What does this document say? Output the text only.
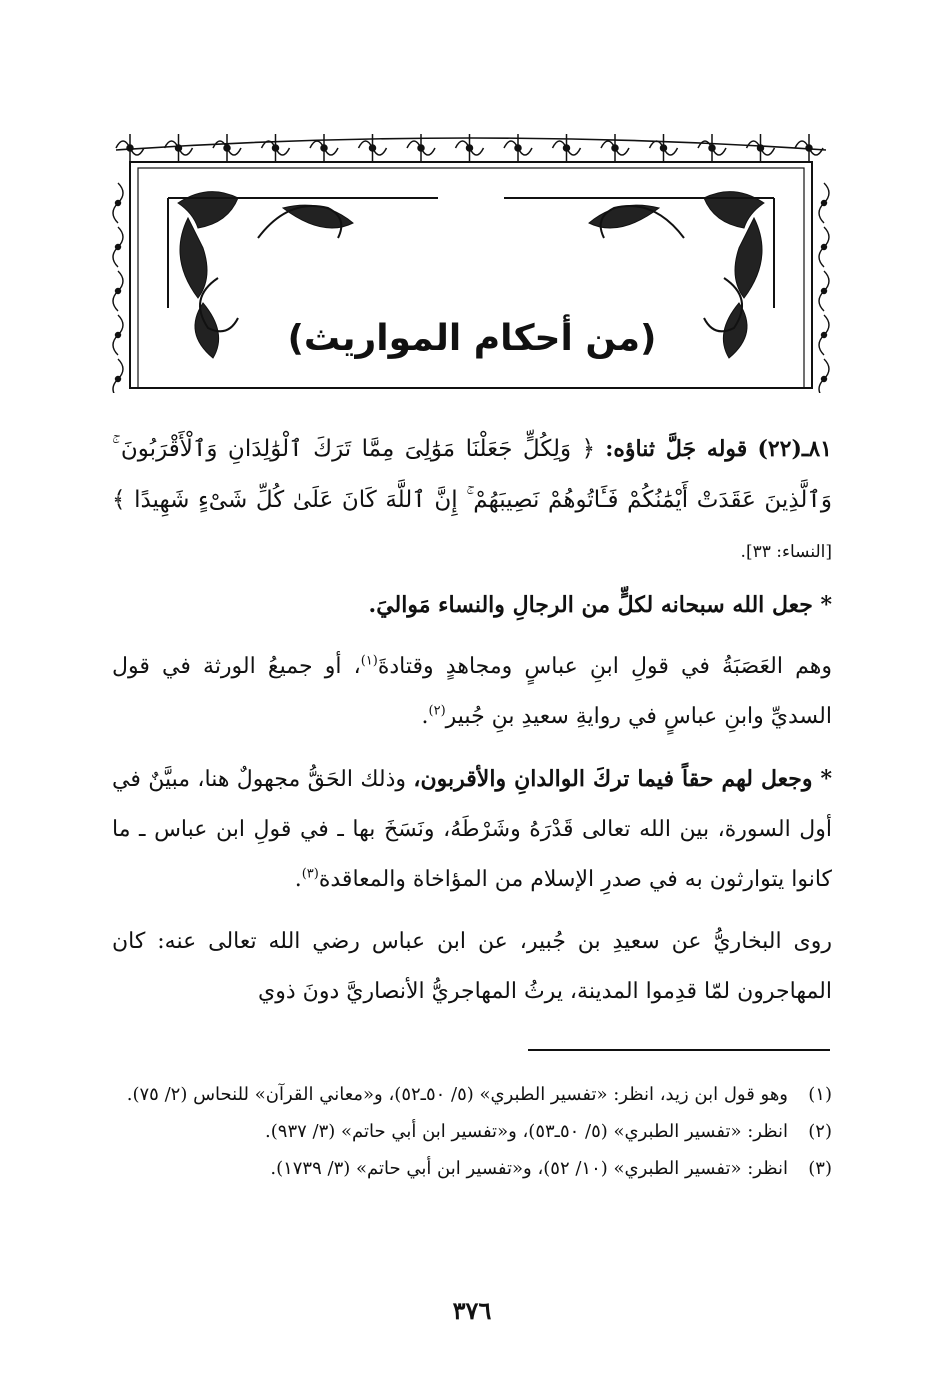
(من أحكام المواريث)
٨١ـ(٢٢) قوله جَلَّ ثناؤه: ﴿ وَلِكُلٍّ جَعَلْنَا مَوَٰلِىَ مِمَّا تَرَكَ ٱلْوَٰلِدَانِ وَٱلْأَقْرَبُونَ ۚ وَٱلَّذِينَ عَقَدَتْ أَيْمَٰنُكُمْ فَـَٔاتُوهُمْ نَصِيبَهُمْ ۚ إِنَّ ٱللَّهَ كَانَ عَلَىٰ كُلِّ شَىْءٍ شَهِيدًا ﴾ [النساء: ٣٣].

* جعل الله سبحانه لكلٍّ من الرجالِ والنساء مَواليَ.

وهم العَصَبَةُ في قولِ ابنِ عباسٍ ومجاهدٍ وقتادةَ$^{(١)}$، أو جميعُ الورثة في قول السديِّ وابنِ عباسٍ في روايةِ سعيدِ بنِ جُبير$^{(٢)}$.

* وجعل لهم حقاً فيما تركَ الوالدانِ والأقربون، وذلك الحَقُّ مجهولٌ هنا، مبيَّنٌ في أول السورة، بين الله تعالى قَدْرَهُ وشَرْطَهُ، ونَسَخَ بها ـ في قولِ ابن عباس ـ ما كانوا يتوارثون به في صدرِ الإسلام من المؤاخاة والمعاقدة$^{(٣)}$.

روى البخاريُّ عن سعيدِ بن جُبير، عن ابن عباس رضي الله تعالى عنه: كان المهاجرون لمّا قدِموا المدينة، يرثُ المهاجريُّ الأنصاريَّ دونَ ذوي

(١)
وهو قول ابن زيد، انظر: «تفسير الطبري» (٥/ ٥٠ـ٥٢)، و«معاني القرآن» للنحاس (٢/ ٧٥).
(٢)
انظر: «تفسير الطبري» (٥/ ٥٠ـ٥٣)، و«تفسير ابن أبي حاتم» (٣/ ٩٣٧).
(٣)
انظر: «تفسير الطبري» (١٠/ ٥٢)، و«تفسير ابن أبي حاتم» (٣/ ١٧٣٩).
٣٧٦
